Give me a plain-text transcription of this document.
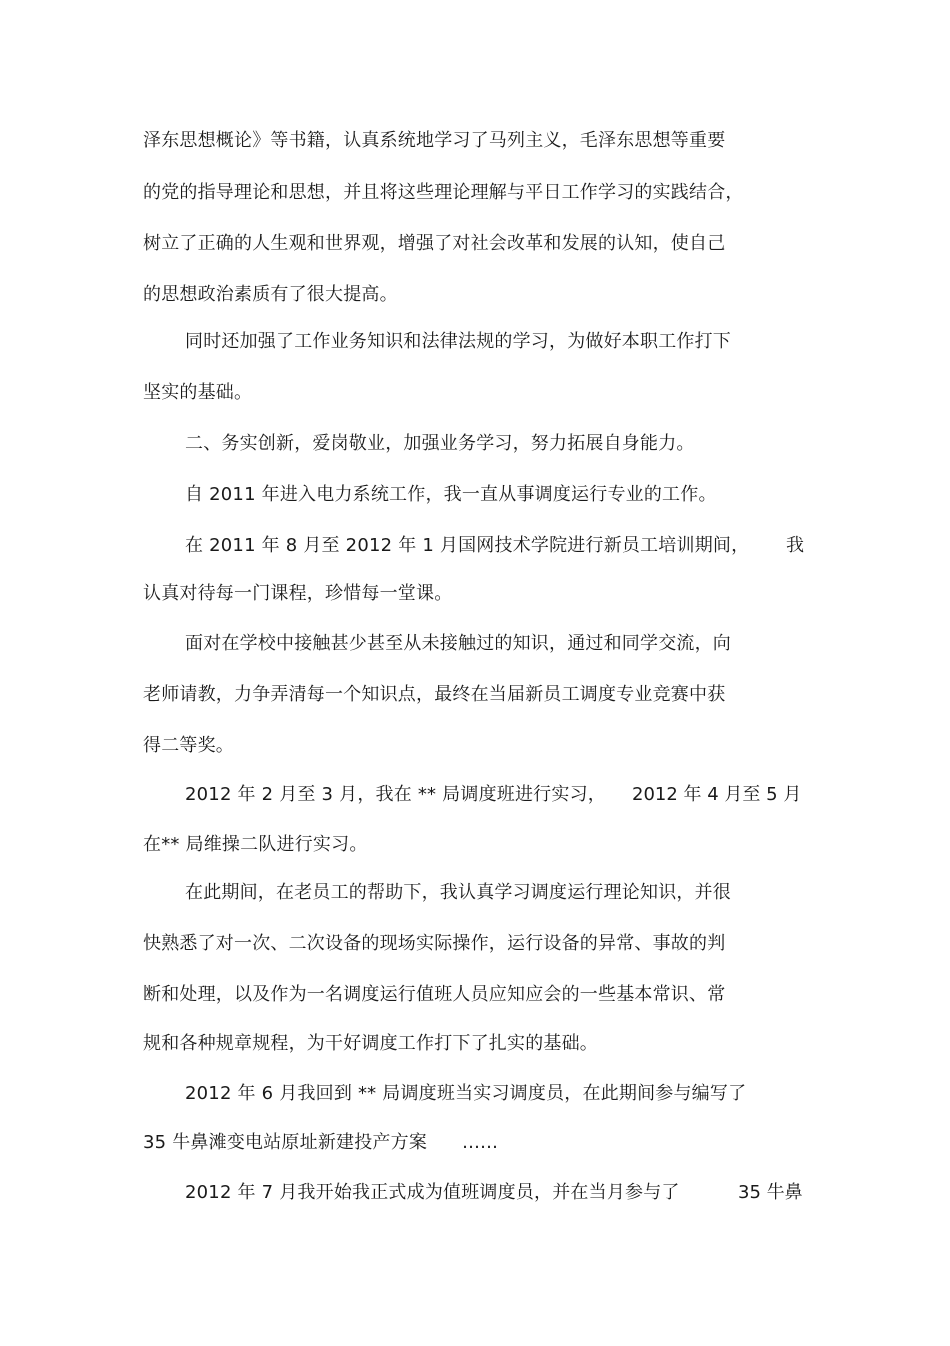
泽东思想概论》等书籍，认真系统地学习了马列主义，毛泽东思想等重要
的党的指导理论和思想，并且将这些理论理解与平日工作学习的实践结合，
树立了正确的人生观和世界观，增强了对社会改革和发展的认知，使自己
的思想政治素质有了很大提高。
同时还加强了工作业务知识和法律法规的学习，为做好本职工作打下
坚实的基础。
二、务实创新，爱岗敬业，加强业务学习，努力拓展自身能力。
自 2011 年进入电力系统工作，我一直从事调度运行专业的工作。
在 2011 年 8 月至 2012 年 1 月国网技术学院进行新员工培训期间， 我
认真对待每一门课程，珍惜每一堂课。
面对在学校中接触甚少甚至从未接触过的知识，通过和同学交流，向
老师请教，力争弄清每一个知识点，最终在当届新员工调度专业竞赛中获
得二等奖。
2012 年 2 月至 3 月，我在 ** 局调度班进行实习， 2012 年 4 月至 5 月
在** 局维操二队进行实习。
在此期间，在老员工的帮助下，我认真学习调度运行理论知识，并很
快熟悉了对一次、二次设备的现场实际操作，运行设备的异常、事故的判
断和处理，以及作为一名调度运行值班人员应知应会的一些基本常识、常
规和各种规章规程，为干好调度工作打下了扎实的基础。
2012 年 6 月我回到 ** 局调度班当实习调度员，在此期间参与编写了
35 牛鼻滩变电站原址新建投产方案 ……
2012 年 7 月我开始我正式成为值班调度员，并在当月参与了	35 牛鼻
